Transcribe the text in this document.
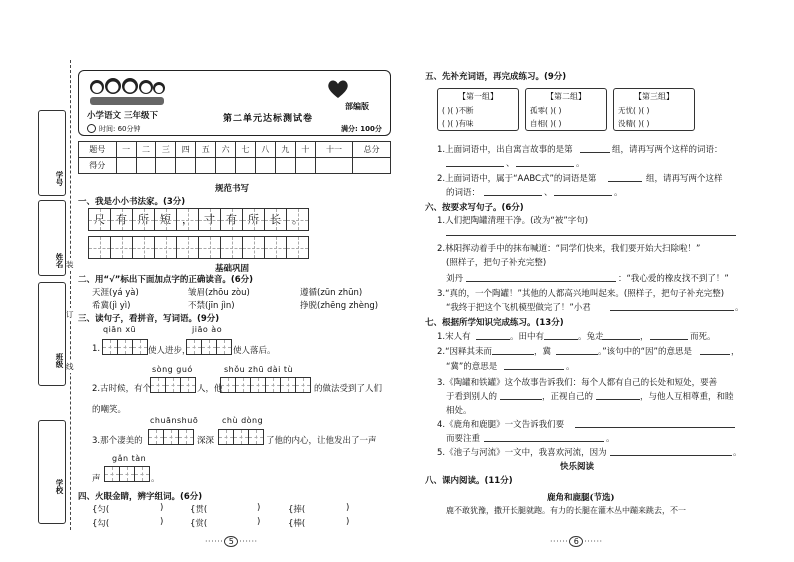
学号
姓名
班级
学校
装
订
线
小学语文 三年级下	第二单元达标测试卷
部编版
时间: 60分钟	满分: 100分
题号	一	二	三	四	五	六	七	八	九	十	十一	总分
得分												
规范书写
一、我是小小书法家。(3分)
尺	有	所	短	，	寸	有	所	长	。
基础巩固
二、用“√”标出下面加点字的正确读音。(6分)
天涯(yá yà)	皱眉(zhōu zòu)	遵循(zūn zhūn)
希冀(jì yì)	不禁(jīn jìn)	挣脱(zhēng zhèng)
三、读句子，看拼音，写词语。(9分)
qiān xū	jiāo ào
1.	使人进步，	使人落后。
sòng guó	shǒu zhū dài tù
2.古时候，有个	人，他	的做法受到了人们
的嘲笑。
chuānshuō	chù dòng
3.那个凄美的	深深	了他的内心，让他发出了一声
gǎn tàn
声	。
四、火眼金睛，辨字组词。(6分)
{匀(	)	{贯(	)	{捧(	)
{勾(	)	{赏(	)	{棒(	)
······ 5 ······
五、先补充词语，再完成练习。(9分)
【第一组】
( )( )不断
( )( )有味
【第二组】
孤零( )( )
自相( )( )
【第三组】
无忧( )( )
没精( )( )
1.上面词语中，出自寓言故事的是第	组，请再写两个这样的词语：
、	。
2.上面词语中，属于“AABC式”的词语是第	组，请再写两个这样
的词语：	、	。
六、按要求写句子。(6分)
1.人们把陶罐清理干净。(改为“被”字句)
2.林阳挥动着手中的抹布喊道：“同学们快来，我们要开始大扫除啦！”
(照样子，把句子补充完整)
刘丹	：“我心爱的橡皮找不到了！”
3.“真的，一个陶罐！”其他的人都高兴地叫起来。(照样子，把句子补充完整)
“我终于把这个飞机模型做完了！”小君	。
七、根据所学知识完成练习。(13分)
1.宋人有	。田中有	。兔走	，	而死。
2.“因释其耒而	，冀	。”该句中的“因”的意思是	，
“冀”的意思是	。
3.《陶罐和铁罐》这个故事告诉我们：每个人都有自己的长处和短处，要善
于看到别人的	，正视自己的	，与他人互相尊重，和睦
相处。
4.《鹿角和鹿腿》一文告诉我们要
而要注重	。
5.《池子与河流》一文中，我喜欢河流，因为	。
快乐阅读
八、课内阅读。(11分)
鹿角和鹿腿(节选)
鹿不敢犹豫，撒开长腿就跑。有力的长腿在灌木丛中蹦来跳去，不一
······ 6 ······
